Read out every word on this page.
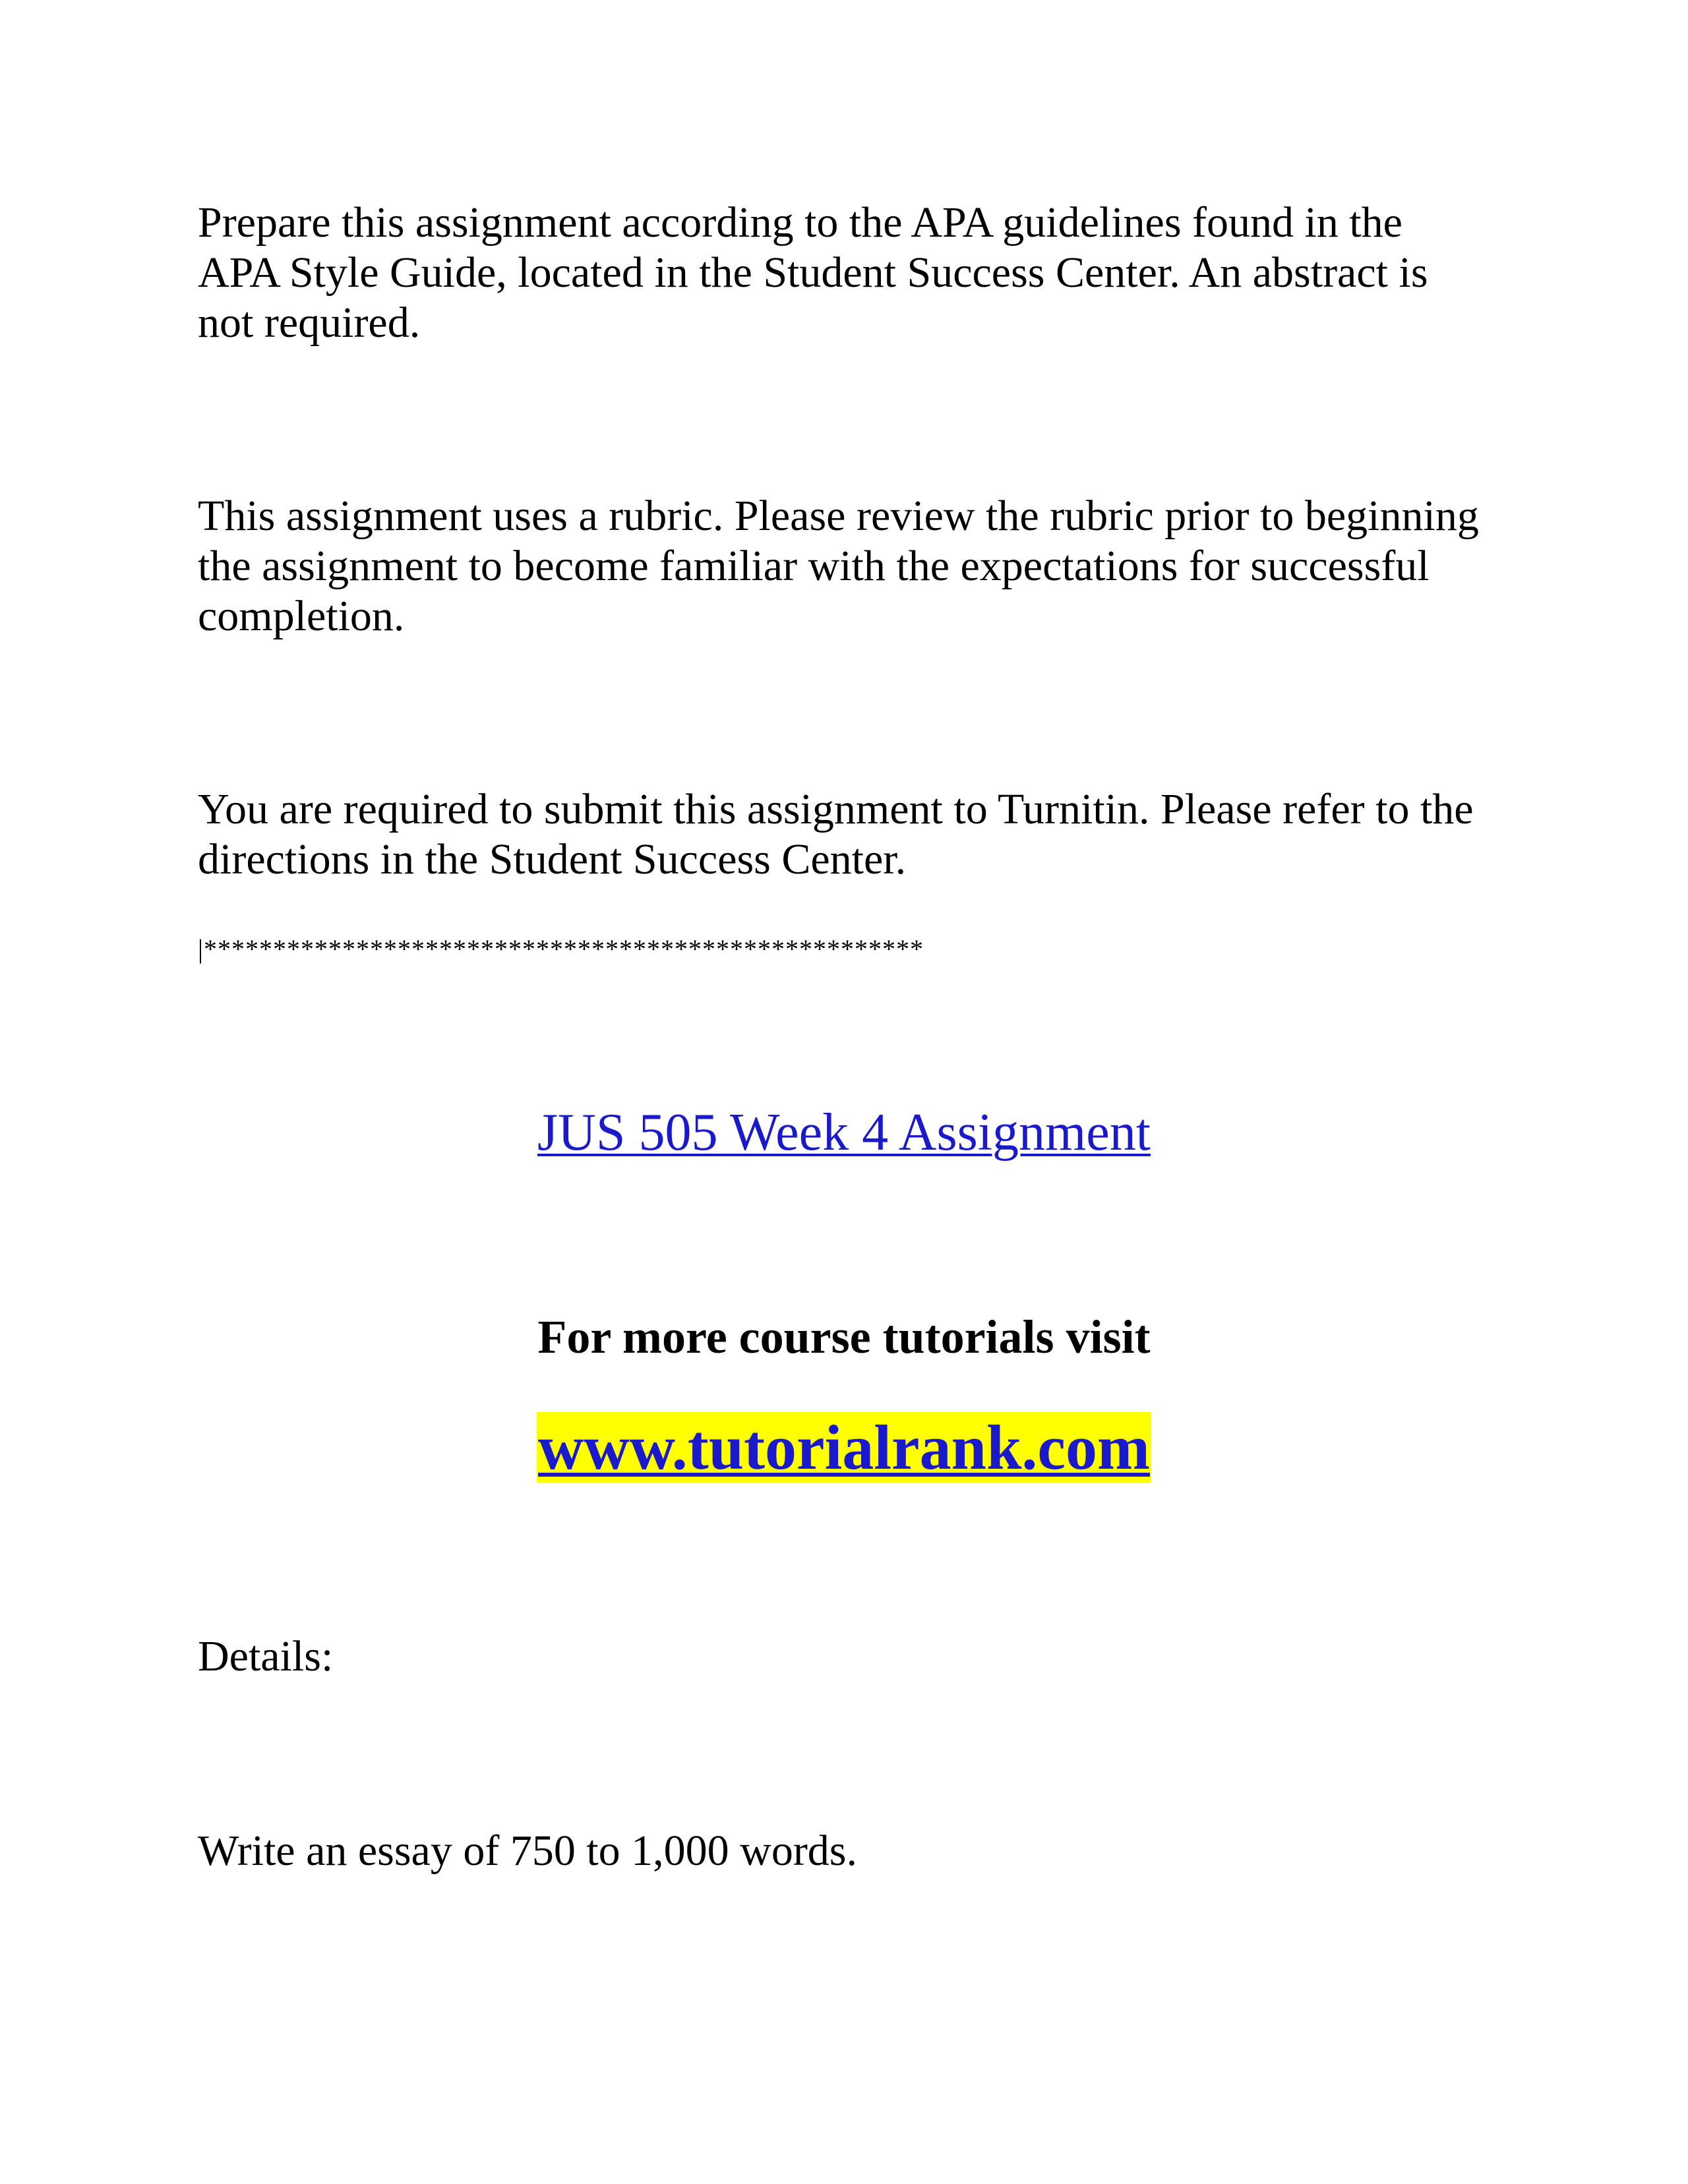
Prepare this assignment according to the APA guidelines found in the APA Style Guide, located in the Student Success Center. An abstract is not required.

This assignment uses a rubric. Please review the rubric prior to beginning the assignment to become familiar with the expectations for successful completion.

You are required to submit this assignment to Turnitin. Please refer to the directions in the Student Success Center.

|****************************************************

JUS 505 Week 4 Assignment
For more course tutorials visit
www.tutorialrank.com

Details:

Write an essay of 750 to 1,000 words.
